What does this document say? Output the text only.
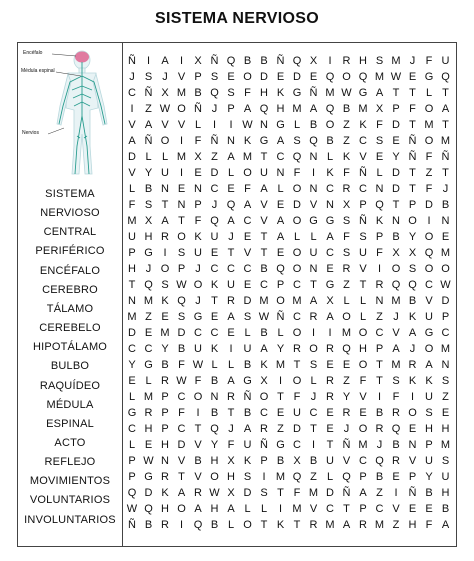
SISTEMA NERVIOSO
Encéfalo
Médula espinal
Nervios
SISTEMA
NERVIOSO
CENTRAL
PERIFÉRICO
ENCÉFALO
CEREBRO
TÁLAMO
CEREBELO
HIPOTÁLAMO
BULBO
RAQUÍDEO
MÉDULA
ESPINAL
ACTO
REFLEJO
MOVIMIENTOS
VOLUNTARIOS
INVOLUNTARIOS
Ñ	I	A	I	X Ñ Q B B Ñ Q X	I R H S M J F U
J S J V P S E O D E D E Q O Q M W E G Q
C Ñ X M B Q S F H K G Ñ M W G A T T L T
I	Z W O Ñ J P A Q H M A Q B M X P F O A
V A V V L	I	I W N G L B O Z K F D T M T
A Ñ O I	F Ñ N K G A S Q B Z C S E Ñ O M
D L L M X Z A M T C Q N L K V E Y Ñ F Ñ
V Y U	I	E D L O U N F	I	K F Ñ L D T Z T
L B N E N C E F A L O N C R C N D T F J
F S T N P J Q A V E D V N X P Q T P D B
M X A T F Q A C V A O G G S Ñ K N O I N
U H R O K U J E T A L L A F S P B Y O E
P G I	S U E T V T E O U C S U F X X Q M
H J O P J C C C B Q O N E R V	I O S O O
T Q S W O K U E C P C T G Z T R Q Q C W
N M K Q J T R D M O M A X L L N M B V D
M Z E S G E A S W Ñ C R A O L Z J K U P
D E M D C C E L B L O I	I M O C V A G C
C C Y B U K	I U A Y R O R Q H P A J O M
Y G B F W L L B K M T S E E O T M R A N
E L R W F B A G X	I O L R Z F T S K K S
L M P C O N R Ñ O T F J R Y V	I	F	I U Z
G R P F	I	B T B C E U C E R E B R O S E
C H P C T Q J A R Z D T E J O R Q E H H
L E H D V Y F U Ñ G C	I	T Ñ M J B N P M
P W N V B H X K P B X B U V C Q R V U S
P G R T V O H S	I M Q Z L Q P B E P Y U
Q D K A R W X D S T F M D Ñ A Z	I Ñ B H
W Q H O A H A L L	I M V C T P C V E E B
Ñ B R	I Q B L O T K T R M A R M Z H F A
